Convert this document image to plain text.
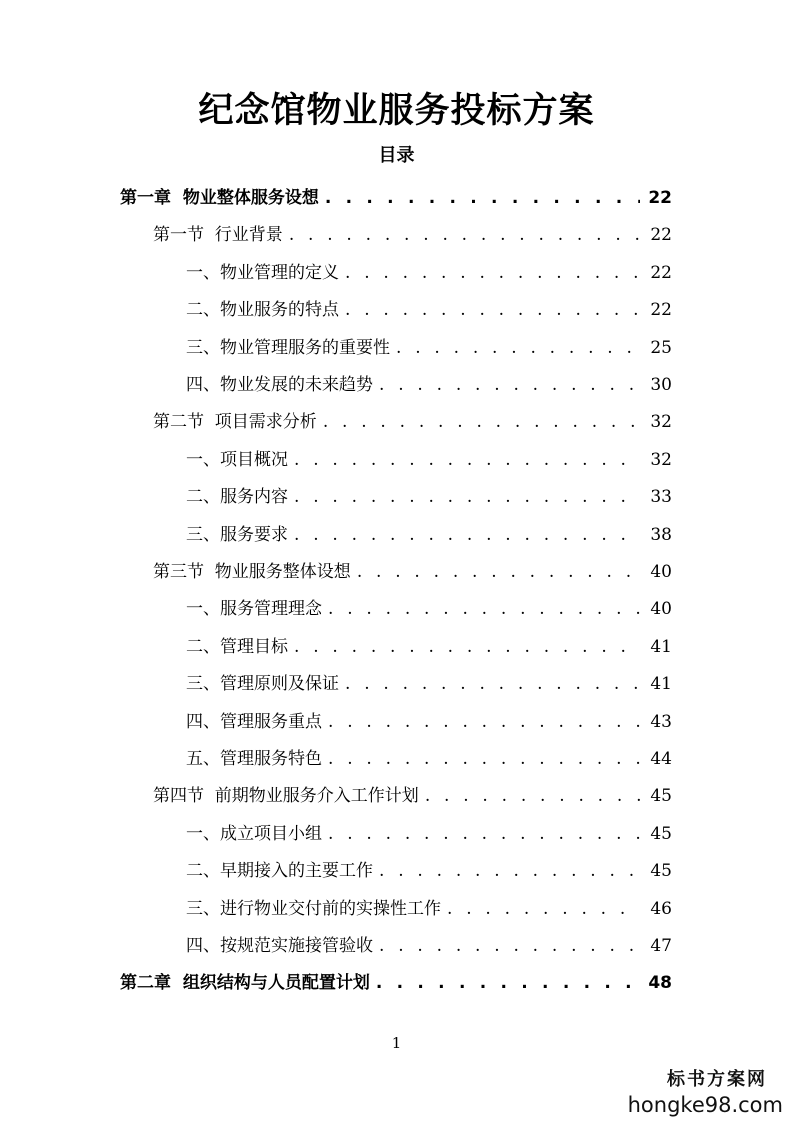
纪念馆物业服务投标方案
目录
第一章  物业整体服务设想 . . .	22
第一节  行业背景 . . .	22
一、物业管理的定义 . . .	22
二、物业服务的特点 . . .	22
三、物业管理服务的重要性 . . .	25
四、物业发展的未来趋势 . . .	30
第二节  项目需求分析 . . .	32
一、项目概况 . . .	32
二、服务内容 . . .	33
三、服务要求 . . .	38
第三节  物业服务整体设想 . . .	40
一、服务管理理念 . . .	40
二、管理目标 . . .	41
三、管理原则及保证 . . .	41
四、管理服务重点 . . .	43
五、管理服务特色 . . .	44
第四节  前期物业服务介入工作计划 . . .	45
一、成立项目小组 . . .	45
二、早期接入的主要工作 . . .	45
三、进行物业交付前的实操性工作 . . .	46
四、按规范实施接管验收 . . .	47
第二章  组织结构与人员配置计划 . . .	48
1
标书方案网
hongke98.com
